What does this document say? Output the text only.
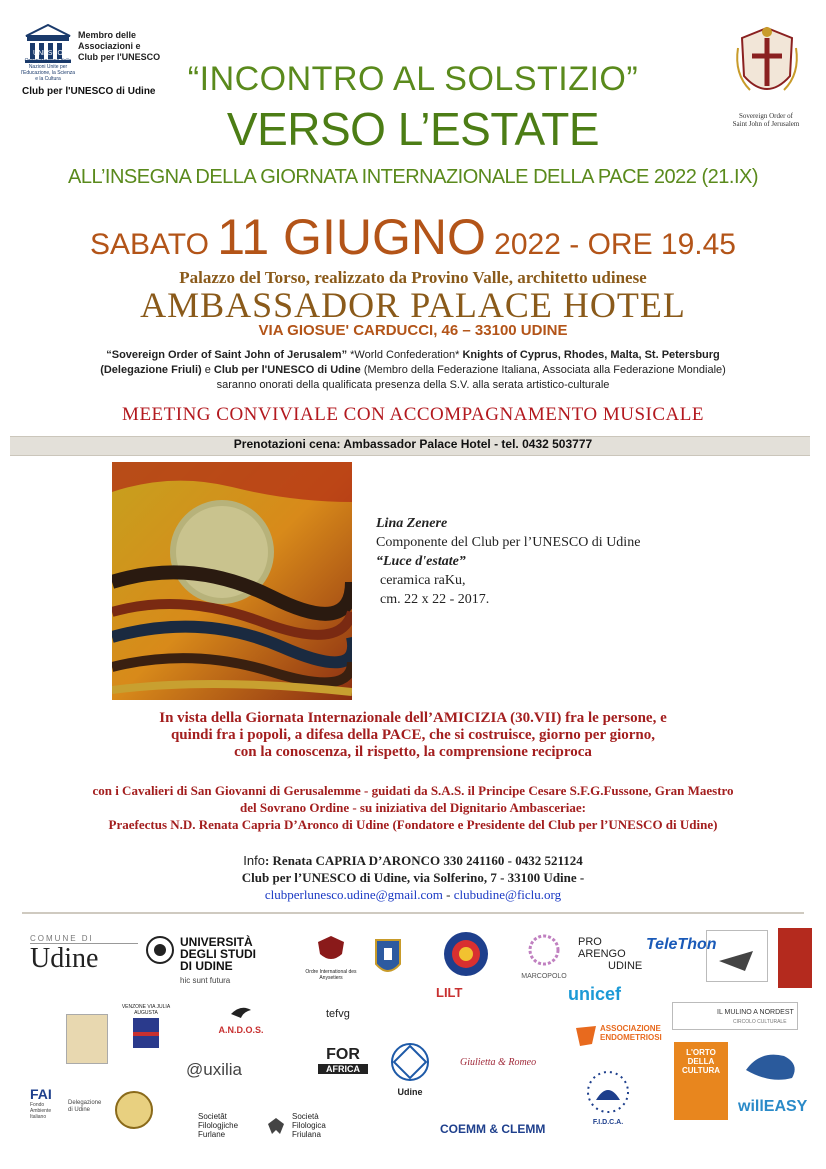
UNESCO
Membro delle
Associazioni e
Club per l'UNESCO
Organizzazione delle Nazioni Unite per l'Educazione, la Scienza e la Cultura
Club per l'UNESCO di Udine
Sovereign Order of
Saint John of Jerusalem
“INCONTRO AL SOLSTIZIO”
VERSO L’ESTATE
ALL’INSEGNA DELLA GIORNATA INTERNAZIONALE DELLA PACE 2022 (21.IX)
SABATO 11 GIUGNO 2022 - ORE 19.45
Palazzo del Torso, realizzato da Provino Valle, architetto udinese
AMBASSADOR PALACE HOTEL
VIA GIOSUE' CARDUCCI, 46 – 33100 UDINE
“Sovereign Order of Saint John of Jerusalem” *World Confederation* Knights of Cyprus, Rhodes, Malta, St. Petersburg
(Delegazione Friuli) e Club per l'UNESCO di Udine (Membro della Federazione Italiana, Associata alla Federazione Mondiale)
saranno onorati della qualificata presenza della S.V. alla serata artistico-culturale
MEETING CONVIVIALE CON ACCOMPAGNAMENTO MUSICALE
Prenotazioni cena: Ambassador Palace Hotel - tel. 0432 503777
Lina Zenere
Componente del Club per l’UNESCO di Udine
“Luce d'estate”
ceramica raKu,
cm. 22 x 22 - 2017.
In vista della Giornata Internazionale dell’AMICIZIA (30.VII) fra le persone, e
quindi fra i popoli, a difesa della PACE, che si costruisce, giorno per giorno,
con la conoscenza, il rispetto, la comprensione reciproca
con i Cavalieri di San Giovanni di Gerusalemme - guidati da S.A.S. il Principe Cesare S.F.G.Fussone, Gran Maestro
del Sovrano Ordine - su iniziativa del Dignitario Ambasceriae:
Praefectus N.D. Renata Capria D’Aronco di Udine (Fondatore e Presidente del Club per l’UNESCO di Udine)
Info: Renata CAPRIA D’ARONCO 330 241160 - 0432 521124
Club per l’UNESCO di Udine, via Solferino, 7 - 33100 Udine -
clubperlunesco.udine@gmail.com - clubudine@ficlu.org
COMUNE DI
Udine
UNIVERSITÀ
DEGLI STUDI
DI UDINE
hic sunt futura
Ordre International des Anysetiers	MARCOPOLO
PRO ARENGO
UDINE
TeleThon
LILT	unicef
VENZONE VIA JULIA AUGUSTA
A.N.D.O.S.
tefvg
ASSOCIAZIONE ENDOMETRIOSI
IL MULINO A NORDEST
CIRCOLO CULTURALE
@uxilia
FOR
AFRICA
Udine
Giulietta & Romeo
L'ORTO DELLA CULTURA
FAI
Fondo Ambiente Italiano
Delegazione di Udine
Societât Filologjiche Furlane
Società Filologica Friulana	COEMM & CLEMM	F.I.D.C.A.
willEASY
